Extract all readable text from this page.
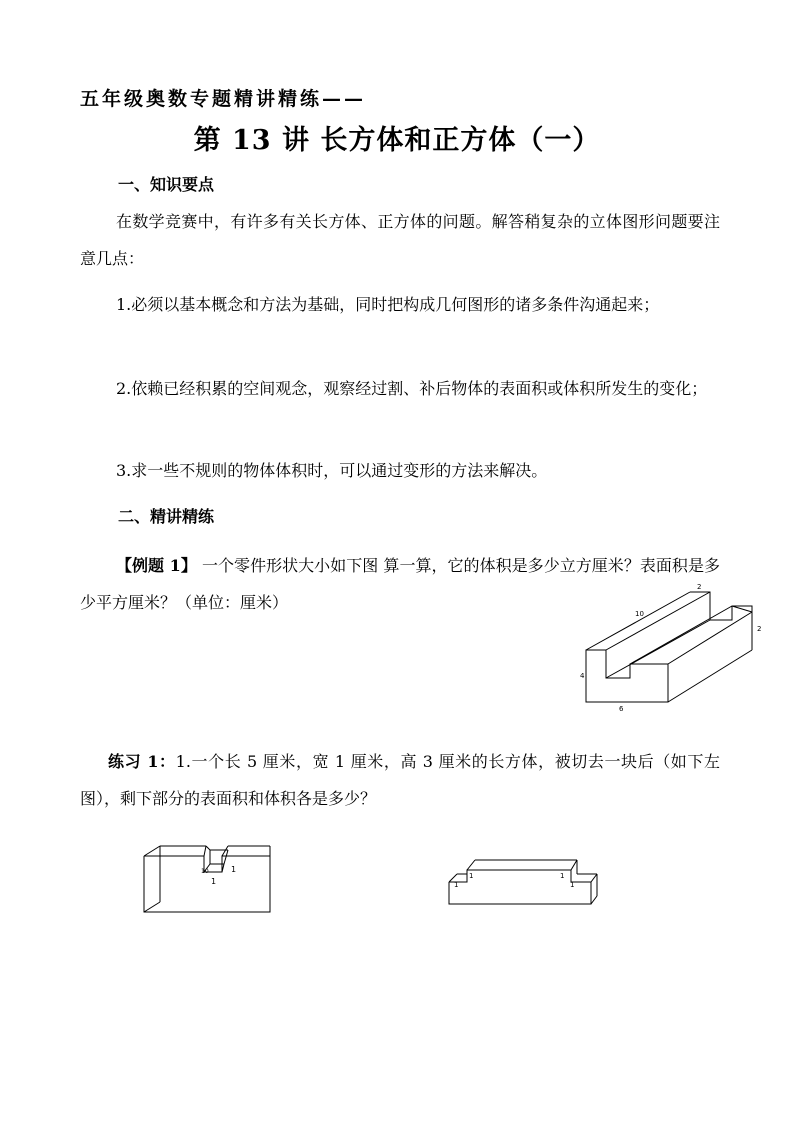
五年级奥数专题精讲精练——
第 13 讲 长方体和正方体（一）
一、知识要点
在数学竞赛中，有许多有关长方体、正方体的问题。解答稍复杂的立体图形问题要注意几点：
1.必须以基本概念和方法为基础，同时把构成几何图形的诸多条件沟通起来；
2.依赖已经积累的空间观念，观察经过割、补后物体的表面积或体积所发生的变化；
3.求一些不规则的物体体积时，可以通过变形的方法来解决。
二、精讲精练
【例题 1】 一个零件形状大小如下图 算一算，它的体积是多少立方厘米？表面积是多少平方厘米？（单位：厘米）
2
10
2
4
6
练习 1：1.一个长 5 厘米，宽 1 厘米，高 3 厘米的长方体，被切去一块后（如下左图），剩下部分的表面积和体积各是多少？
1
1
10
1
1
1
1
